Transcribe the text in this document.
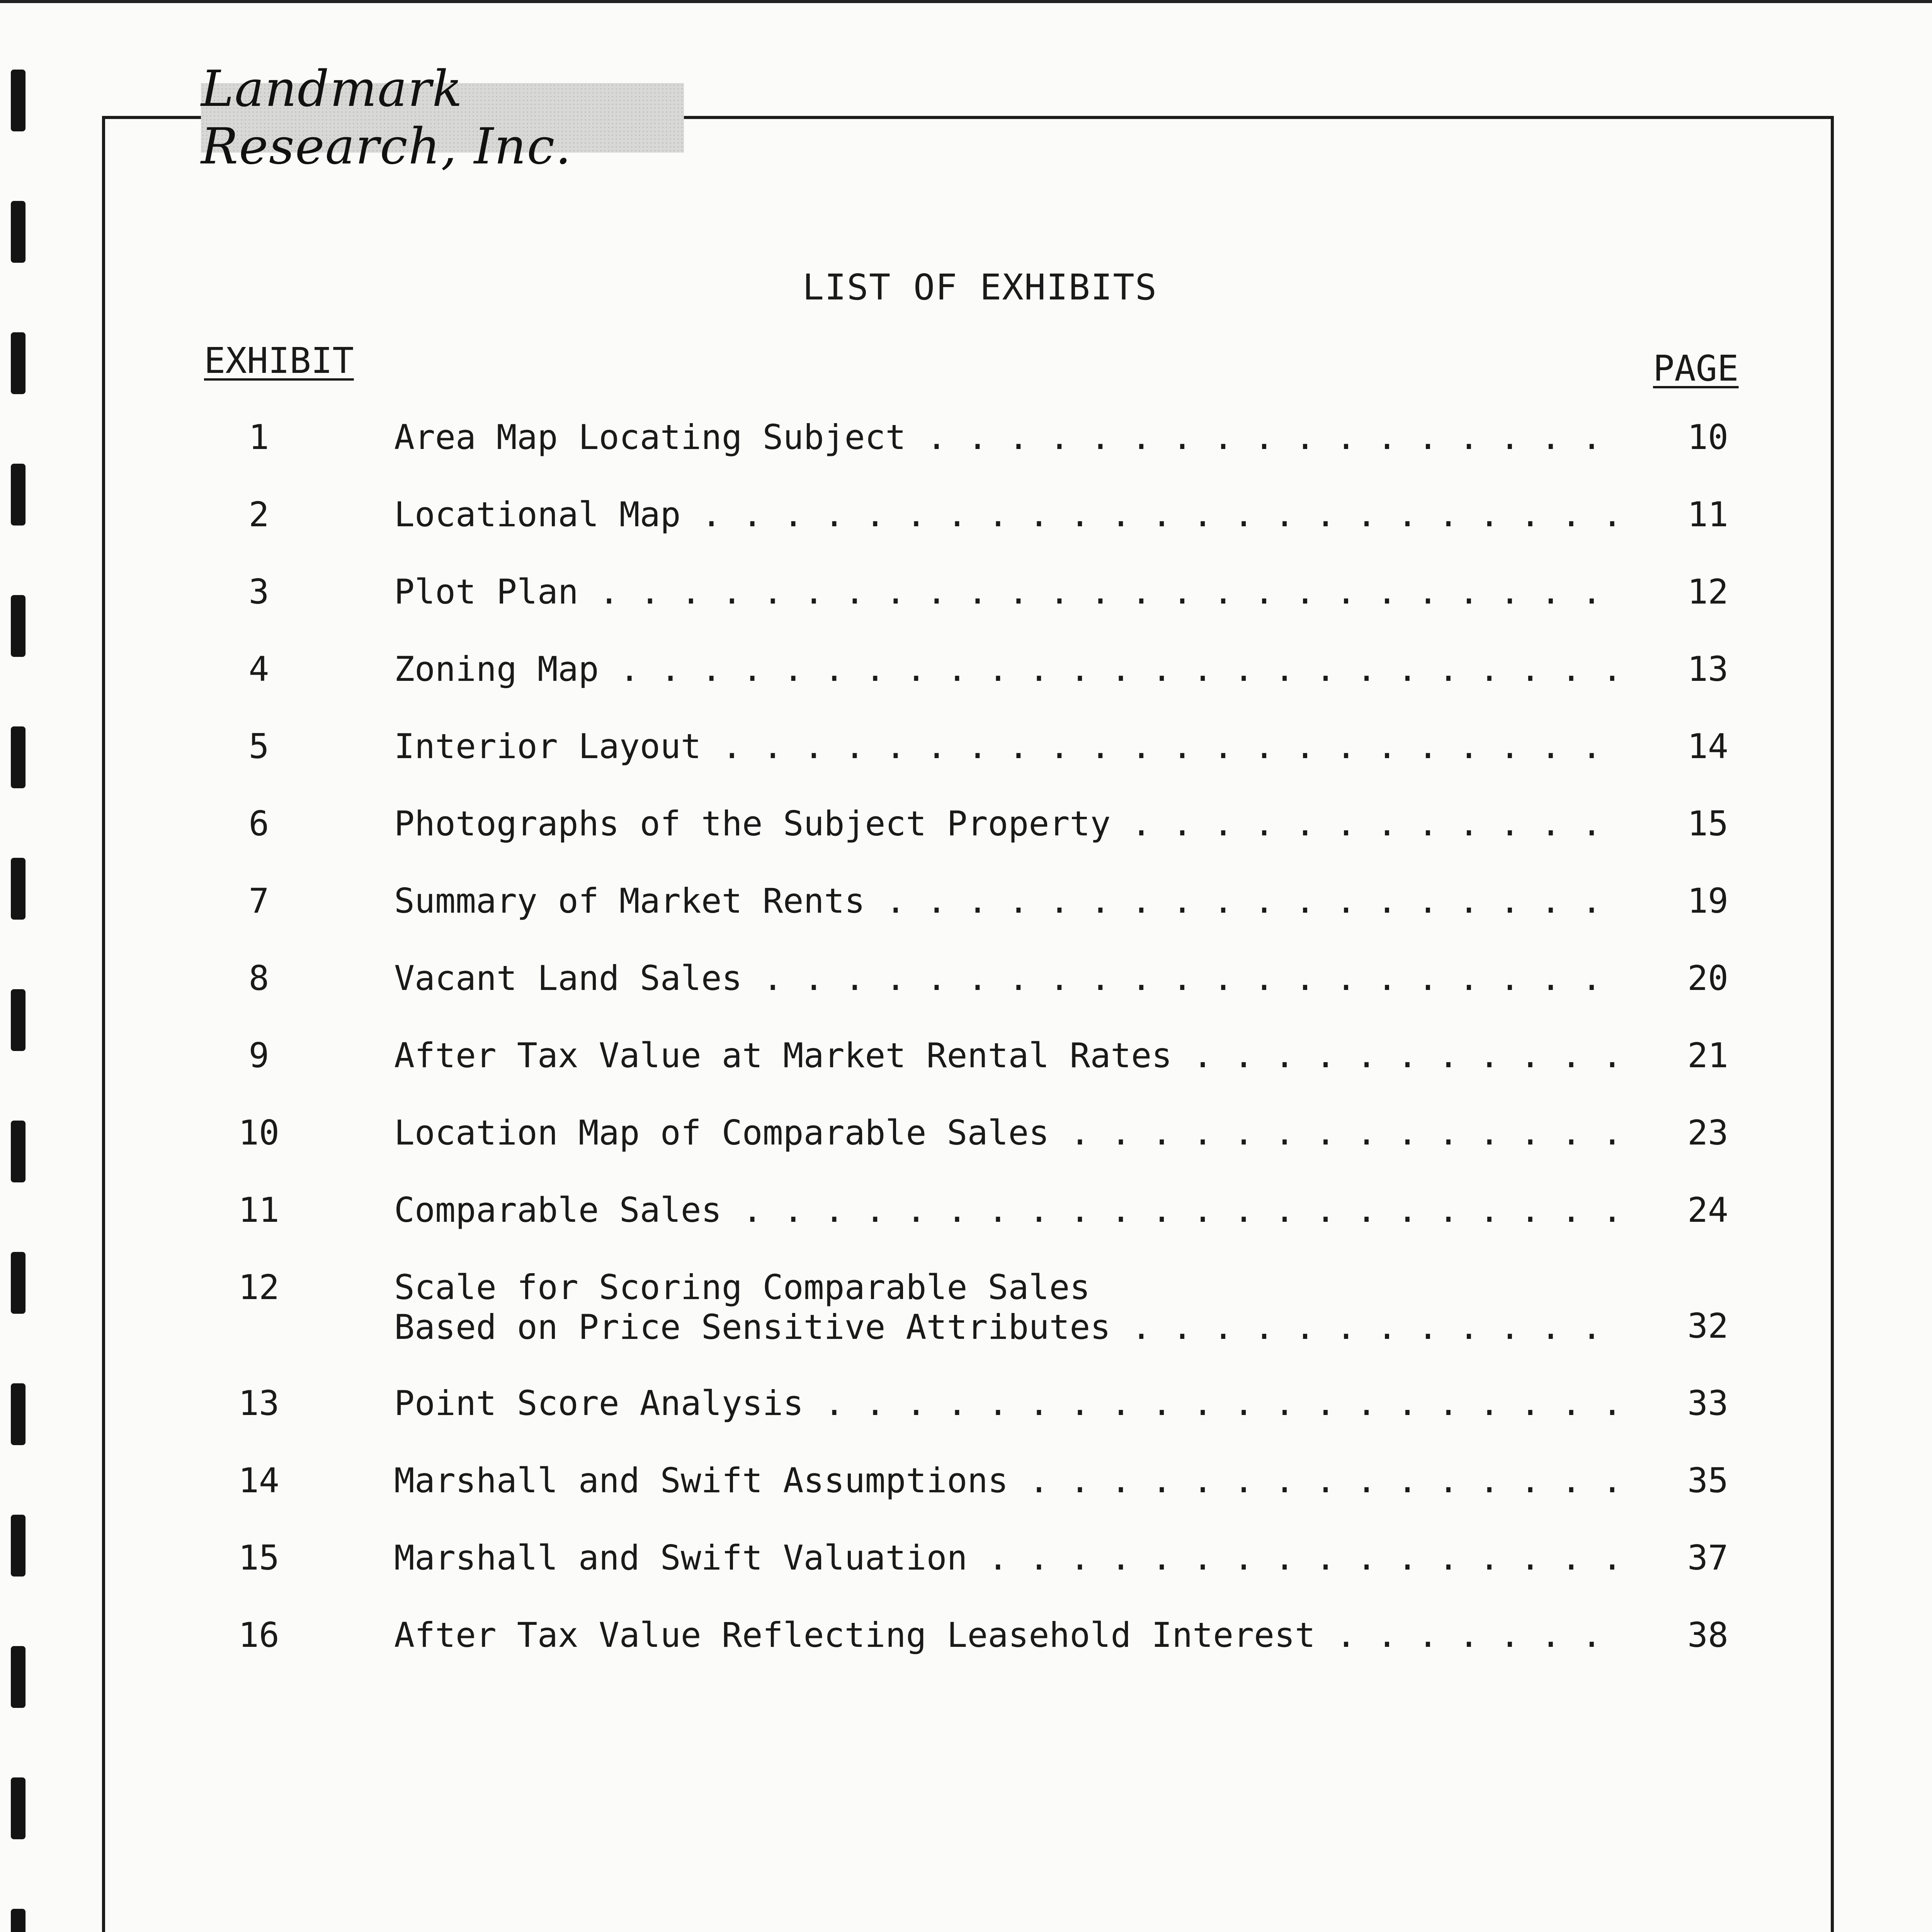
Landmark Research, Inc.
LIST OF EXHIBITS
EXHIBIT	PAGE
1	Area Map Locating Subject . . .	10
2	Locational Map . . .	11
3	Plot Plan . . .	12
4	Zoning Map . . .	13
5	Interior Layout . . .	14
6	Photographs of the Subject Property . . .	15
7	Summary of Market Rents . . .	19
8	Vacant Land Sales . . .	20
9	After Tax Value at Market Rental Rates . . .	21
10	Location Map of Comparable Sales . . .	23
11	Comparable Sales . . .	24
12	Scale for Scoring Comparable Sales
Based on Price Sensitive Attributes . . .	32
13	Point Score Analysis . . .	33
14	Marshall and Swift Assumptions . . .	35
15	Marshall and Swift Valuation . . .	37
16	After Tax Value Reflecting Leasehold Interest . . .	38
